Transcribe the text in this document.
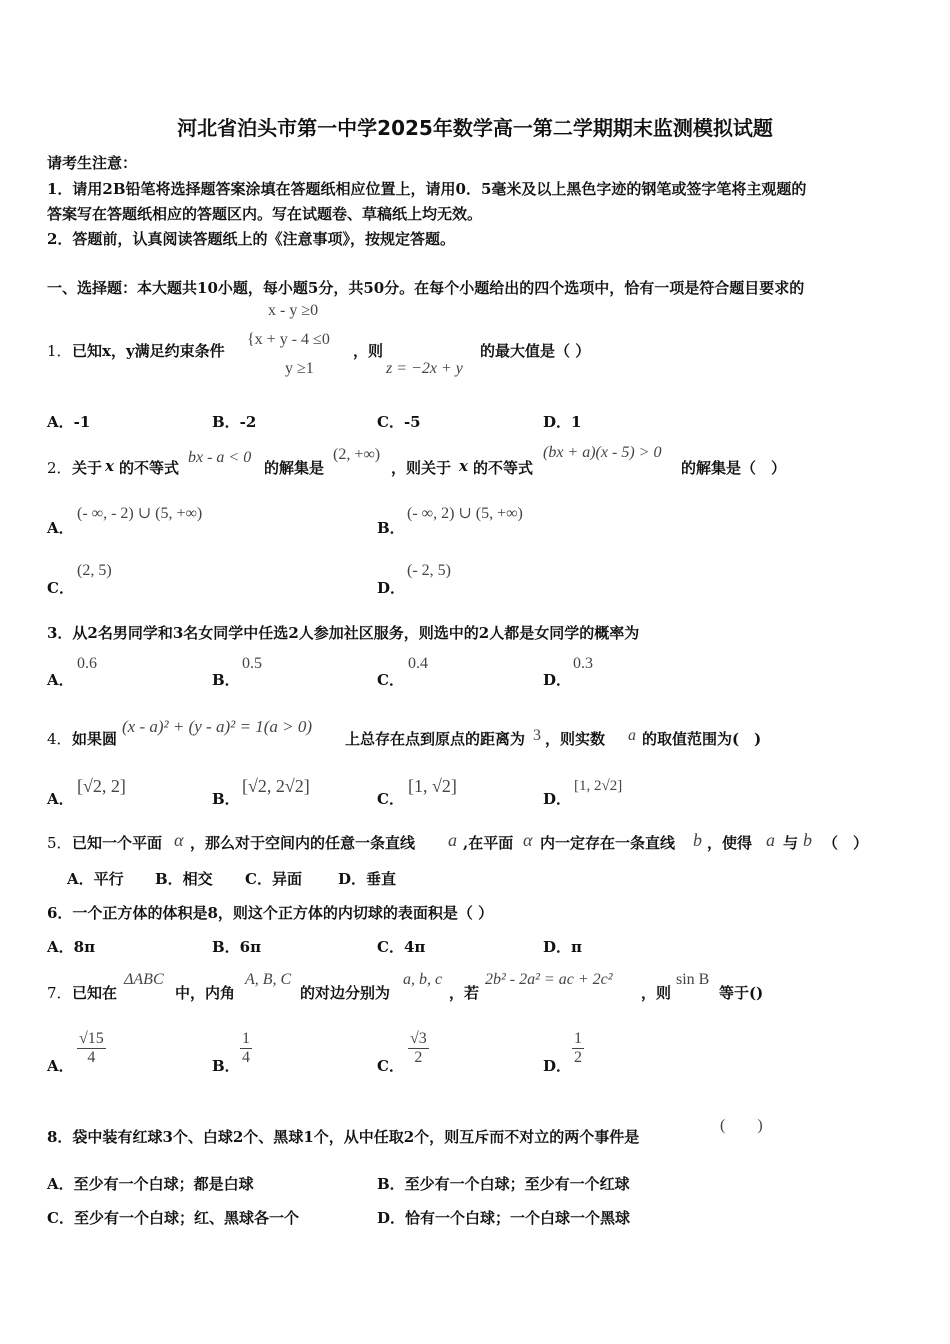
河北省泊头市第一中学2025年数学高一第二学期期末监测模拟试题
请考生注意：
1．请用2B铅笔将选择题答案涂填在答题纸相应位置上，请用0．5毫米及以上黑色字迹的钢笔或签字笔将主观题的
答案写在答题纸相应的答题区内。写在试题卷、草稿纸上均无效。
2．答题前，认真阅读答题纸上的《注意事项》，按规定答题。
一、选择题：本大题共10小题，每小题5分，共50分。在每个小题给出的四个选项中，恰有一项是符合题目要求的
x - y ≥0
1． 已知x，y满足约束条件
{x + y - 4 ≤0
，则
y ≥1	z = −2x + y
的最大值是（ ）
A．-1	B．-2	C．-5	D．1
2． 关于 x 的不等式
bx - a < 0
的解集是
(2, +∞)
，则关于 x 的不等式
(bx + a)(x - 5) > 0
的解集是（　）
A．
(- ∞, - 2) ∪ (5, +∞)
B．
(- ∞, 2) ∪ (5, +∞)
C．
(2, 5)
D．
(- 2, 5)
3．从2名男同学和3名女同学中任选2人参加社区服务，则选中的2人都是女同学的概率为
A．
0.6
B．
0.5
C．
0.4
D．
0.3
4． 如果圆
(x - a)² + (y - a)² = 1(a > 0)
上总存在点到原点的距离为 3 ，则实数 a 的取值范围为(　)
A．
[√2, 2]
B．
[√2, 2√2]
C．
[1, √2]
D．
[1, 2√2]
5． 已知一个平面 α ，那么对于空间内的任意一条直线 a ,在平面 α 内一定存在一条直线 b ，使得 a 与 b （　）
A．平行 B．相交 C．异面 D．垂直
6．一个正方体的体积是8，则这个正方体的内切球的表面积是（ ）
A．8π	B．6π	C．4π	D．π
7． 已知在
ΔABC
中，内角
A, B, C
的对边分别为
a, b, c
，若
2b² - 2a² = ac + 2c²
，则
sin B
等于()
A． $\frac{√15}{4}$	B． $\frac{1}{4}$	C． $\frac{√3}{2}$	D． $\frac{1}{2}$
8．袋中装有红球3个、白球2个、黑球1个，从中任取2个，则互斥而不对立的两个事件是
(　　)
A．至少有一个白球；都是白球	B．至少有一个白球；至少有一个红球
C．至少有一个白球；红、黑球各一个	D．恰有一个白球；一个白球一个黑球
